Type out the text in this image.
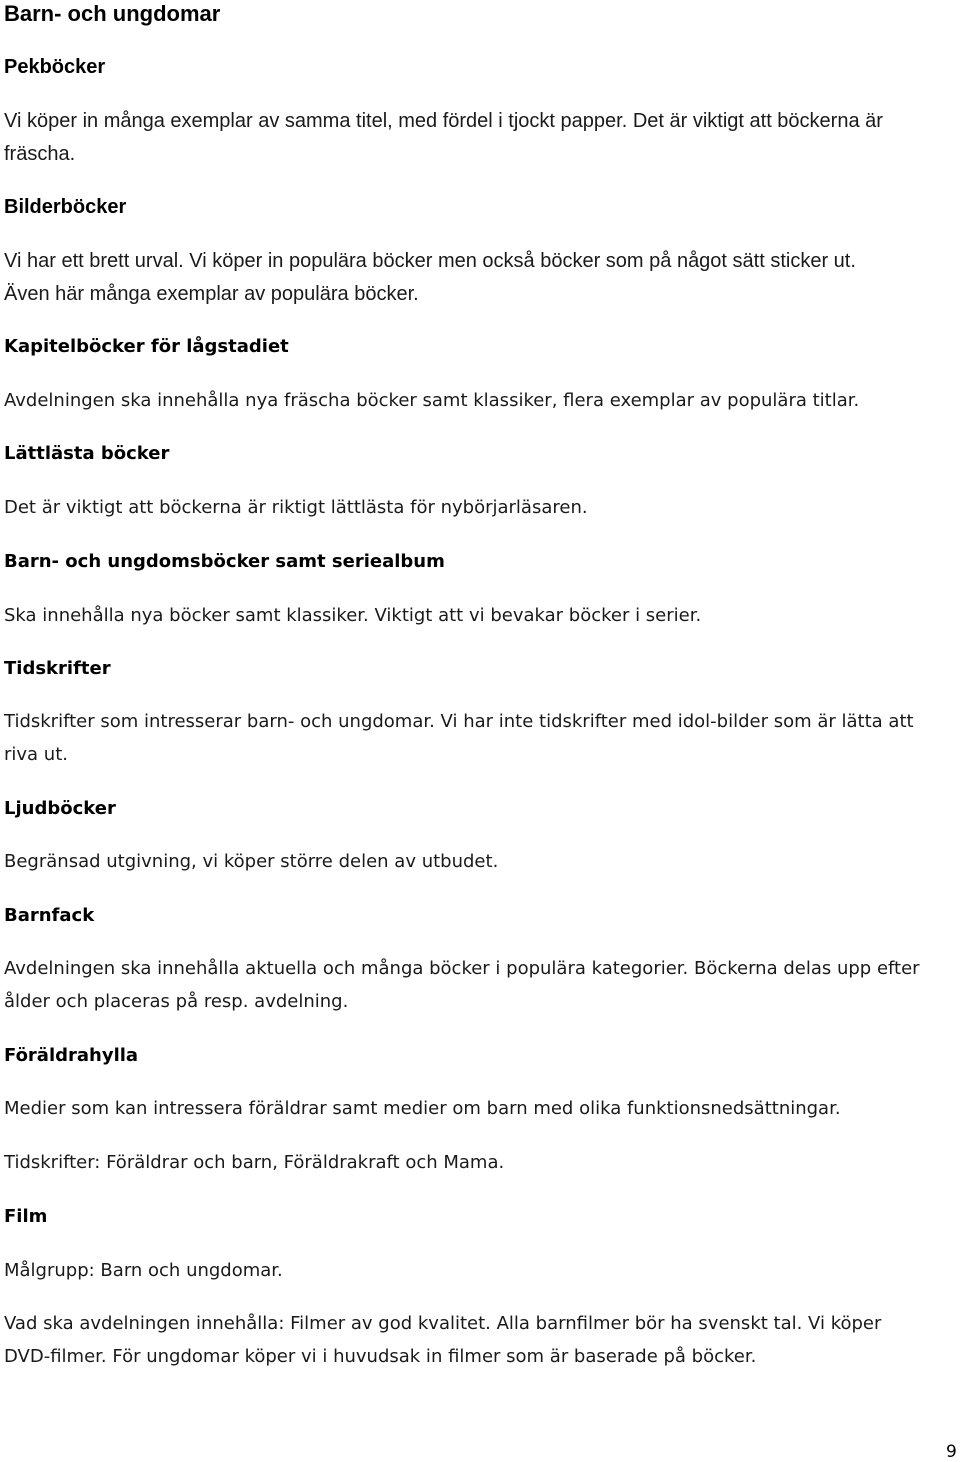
Barn- och ungdomar
Pekböcker
Vi köper in många exemplar av samma titel, med fördel i tjockt papper. Det är viktigt att böckerna är
fräscha.
Bilderböcker
Vi har ett brett urval. Vi köper in populära böcker men också böcker som på något sätt sticker ut.
Även här många exemplar av populära böcker.
Kapitelböcker för lågstadiet
Avdelningen ska innehålla nya fräscha böcker samt klassiker, flera exemplar av populära titlar.
Lättlästa böcker
Det är viktigt att böckerna är riktigt lättlästa för nybörjarläsaren.
Barn- och ungdomsböcker samt seriealbum
Ska innehålla nya böcker samt klassiker. Viktigt att vi bevakar böcker i serier.
Tidskrifter
Tidskrifter som intresserar barn- och ungdomar. Vi har inte tidskrifter med idol-bilder som är lätta att
riva ut.
Ljudböcker
Begränsad utgivning, vi köper större delen av utbudet.
Barnfack
Avdelningen ska innehålla aktuella och många böcker i populära kategorier. Böckerna delas upp efter
ålder och placeras på resp. avdelning.
Föräldrahylla
Medier som kan intressera föräldrar samt medier om barn med olika funktionsnedsättningar.
Tidskrifter: Föräldrar och barn, Föräldrakraft och Mama.
Film
Målgrupp: Barn och ungdomar.
Vad ska avdelningen innehålla: Filmer av god kvalitet. Alla barnfilmer bör ha svenskt tal. Vi köper
DVD-filmer. För ungdomar köper vi i huvudsak in filmer som är baserade på böcker.
9
